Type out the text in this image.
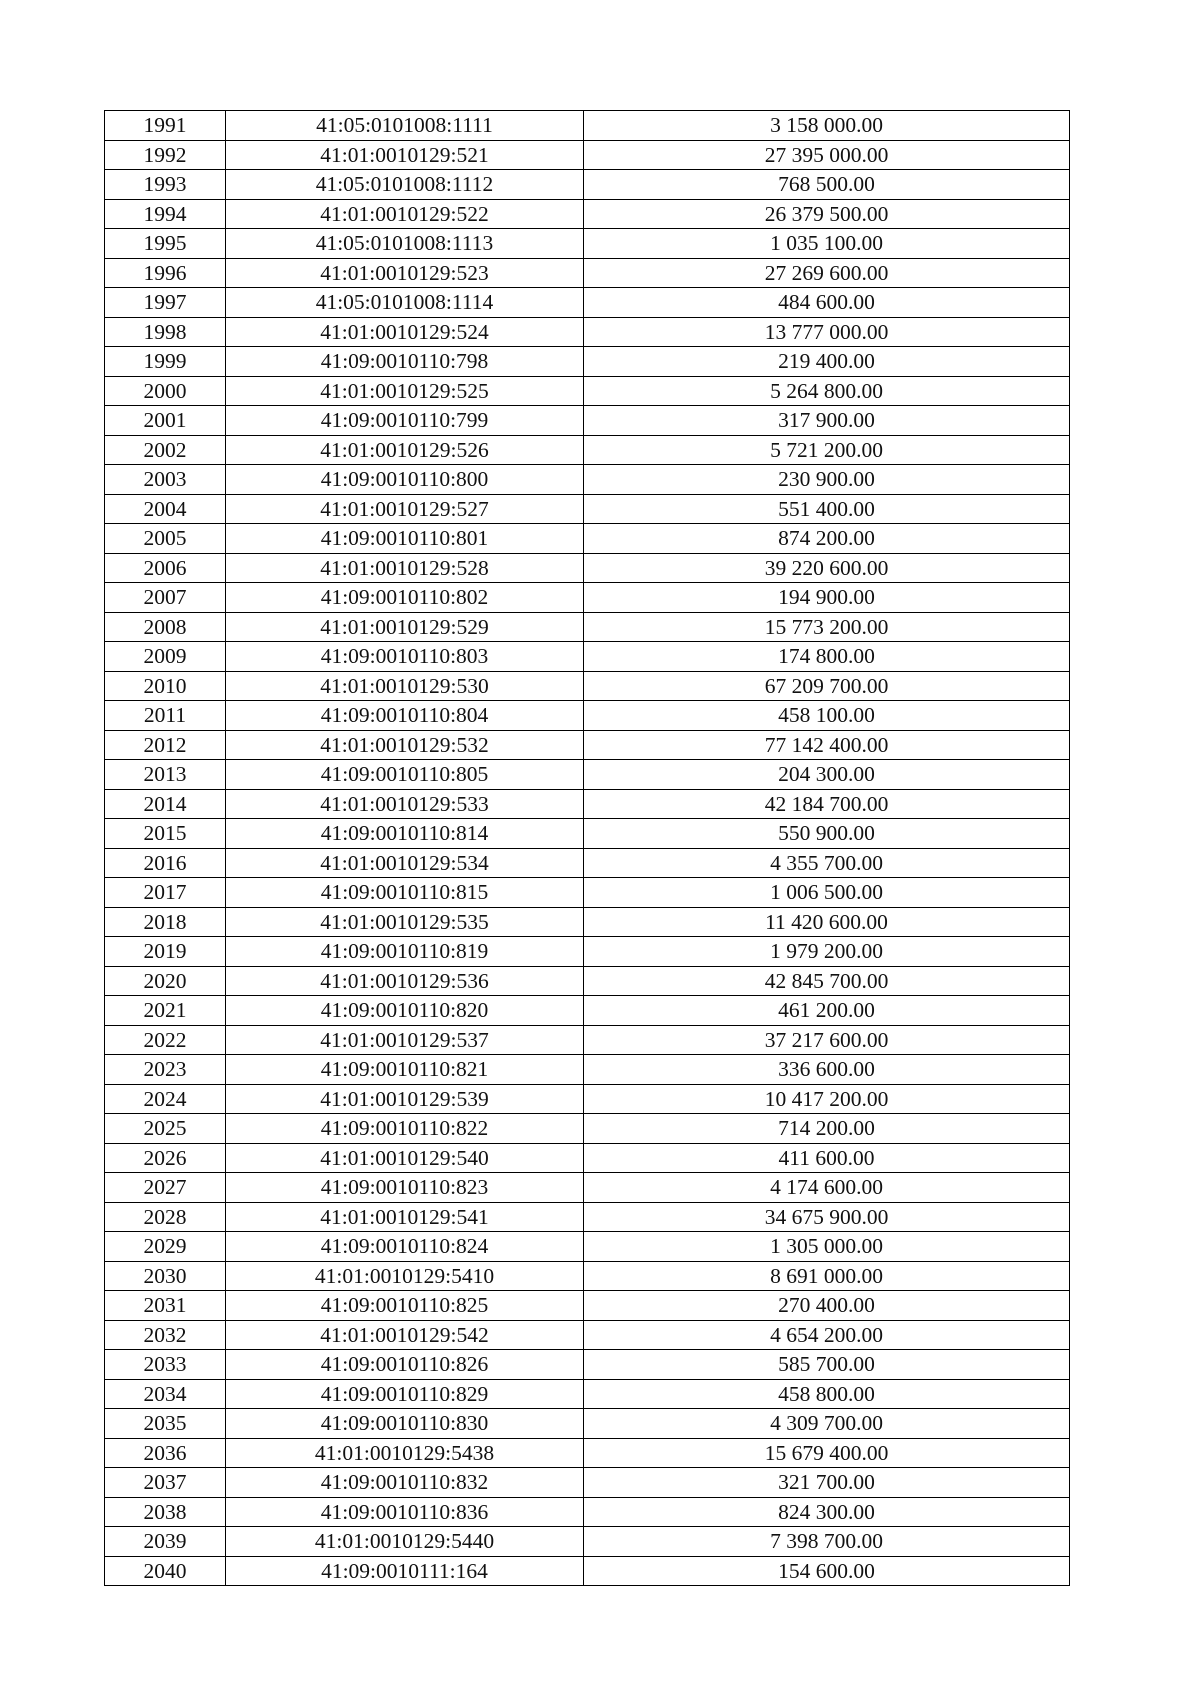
1991	41:05:0101008:1111	3 158 000.00
1992	41:01:0010129:521	27 395 000.00
1993	41:05:0101008:1112	768 500.00
1994	41:01:0010129:522	26 379 500.00
1995	41:05:0101008:1113	1 035 100.00
1996	41:01:0010129:523	27 269 600.00
1997	41:05:0101008:1114	484 600.00
1998	41:01:0010129:524	13 777 000.00
1999	41:09:0010110:798	219 400.00
2000	41:01:0010129:525	5 264 800.00
2001	41:09:0010110:799	317 900.00
2002	41:01:0010129:526	5 721 200.00
2003	41:09:0010110:800	230 900.00
2004	41:01:0010129:527	551 400.00
2005	41:09:0010110:801	874 200.00
2006	41:01:0010129:528	39 220 600.00
2007	41:09:0010110:802	194 900.00
2008	41:01:0010129:529	15 773 200.00
2009	41:09:0010110:803	174 800.00
2010	41:01:0010129:530	67 209 700.00
2011	41:09:0010110:804	458 100.00
2012	41:01:0010129:532	77 142 400.00
2013	41:09:0010110:805	204 300.00
2014	41:01:0010129:533	42 184 700.00
2015	41:09:0010110:814	550 900.00
2016	41:01:0010129:534	4 355 700.00
2017	41:09:0010110:815	1 006 500.00
2018	41:01:0010129:535	11 420 600.00
2019	41:09:0010110:819	1 979 200.00
2020	41:01:0010129:536	42 845 700.00
2021	41:09:0010110:820	461 200.00
2022	41:01:0010129:537	37 217 600.00
2023	41:09:0010110:821	336 600.00
2024	41:01:0010129:539	10 417 200.00
2025	41:09:0010110:822	714 200.00
2026	41:01:0010129:540	411 600.00
2027	41:09:0010110:823	4 174 600.00
2028	41:01:0010129:541	34 675 900.00
2029	41:09:0010110:824	1 305 000.00
2030	41:01:0010129:5410	8 691 000.00
2031	41:09:0010110:825	270 400.00
2032	41:01:0010129:542	4 654 200.00
2033	41:09:0010110:826	585 700.00
2034	41:09:0010110:829	458 800.00
2035	41:09:0010110:830	4 309 700.00
2036	41:01:0010129:5438	15 679 400.00
2037	41:09:0010110:832	321 700.00
2038	41:09:0010110:836	824 300.00
2039	41:01:0010129:5440	7 398 700.00
2040	41:09:0010111:164	154 600.00
